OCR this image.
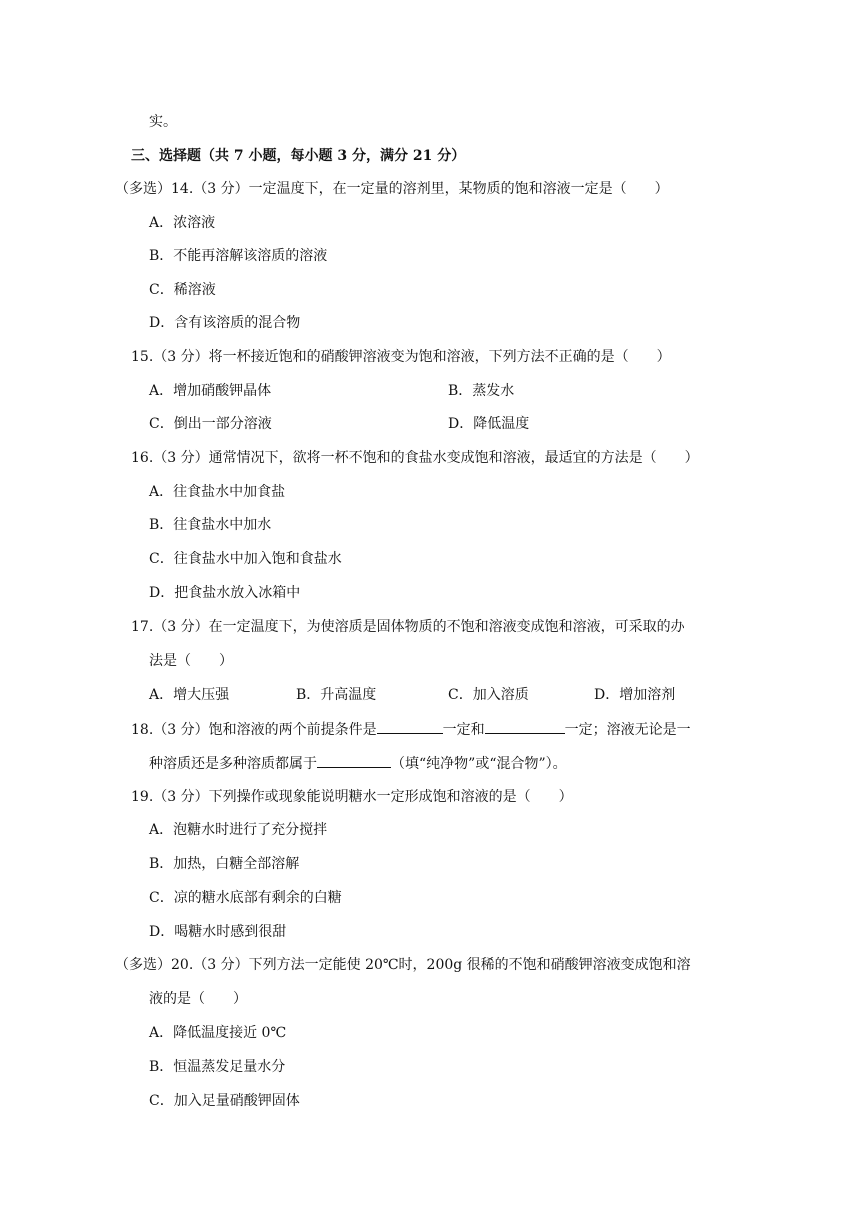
实。
三、选择题（共 7 小题，每小题 3 分，满分 21 分）
（多选）14.（3 分）一定温度下，在一定量的溶剂里，某物质的饱和溶液一定是（　　）
A．浓溶液
B．不能再溶解该溶质的溶液
C．稀溶液
D．含有该溶质的混合物
15.（3 分）将一杯接近饱和的硝酸钾溶液变为饱和溶液，下列方法不正确的是（　　）
A．增加硝酸钾晶体	B．蒸发水
C．倒出一部分溶液	D．降低温度
16.（3 分）通常情况下，欲将一杯不饱和的食盐水变成饱和溶液，最适宜的方法是（　　）
A．往食盐水中加食盐
B．往食盐水中加水
C．往食盐水中加入饱和食盐水
D．把食盐水放入冰箱中
17.（3 分）在一定温度下，为使溶质是固体物质的不饱和溶液变成饱和溶液，可采取的办
法是（　　）
A．增大压强	B．升高温度	C．加入溶质	D．增加溶剂
18.（3 分）饱和溶液的两个前提条件是	一定和	一定；溶液无论是一
种溶质还是多种溶质都属于	（填“纯净物”或“混合物”）。
19.（3 分）下列操作或现象能说明糖水一定形成饱和溶液的是（　　）
A．泡糖水时进行了充分搅拌
B．加热，白糖全部溶解
C．凉的糖水底部有剩余的白糖
D．喝糖水时感到很甜
（多选）20.（3 分）下列方法一定能使 20℃时，200g 很稀的不饱和硝酸钾溶液变成饱和溶
液的是（　　）
A．降低温度接近 0℃
B．恒温蒸发足量水分
C．加入足量硝酸钾固体
